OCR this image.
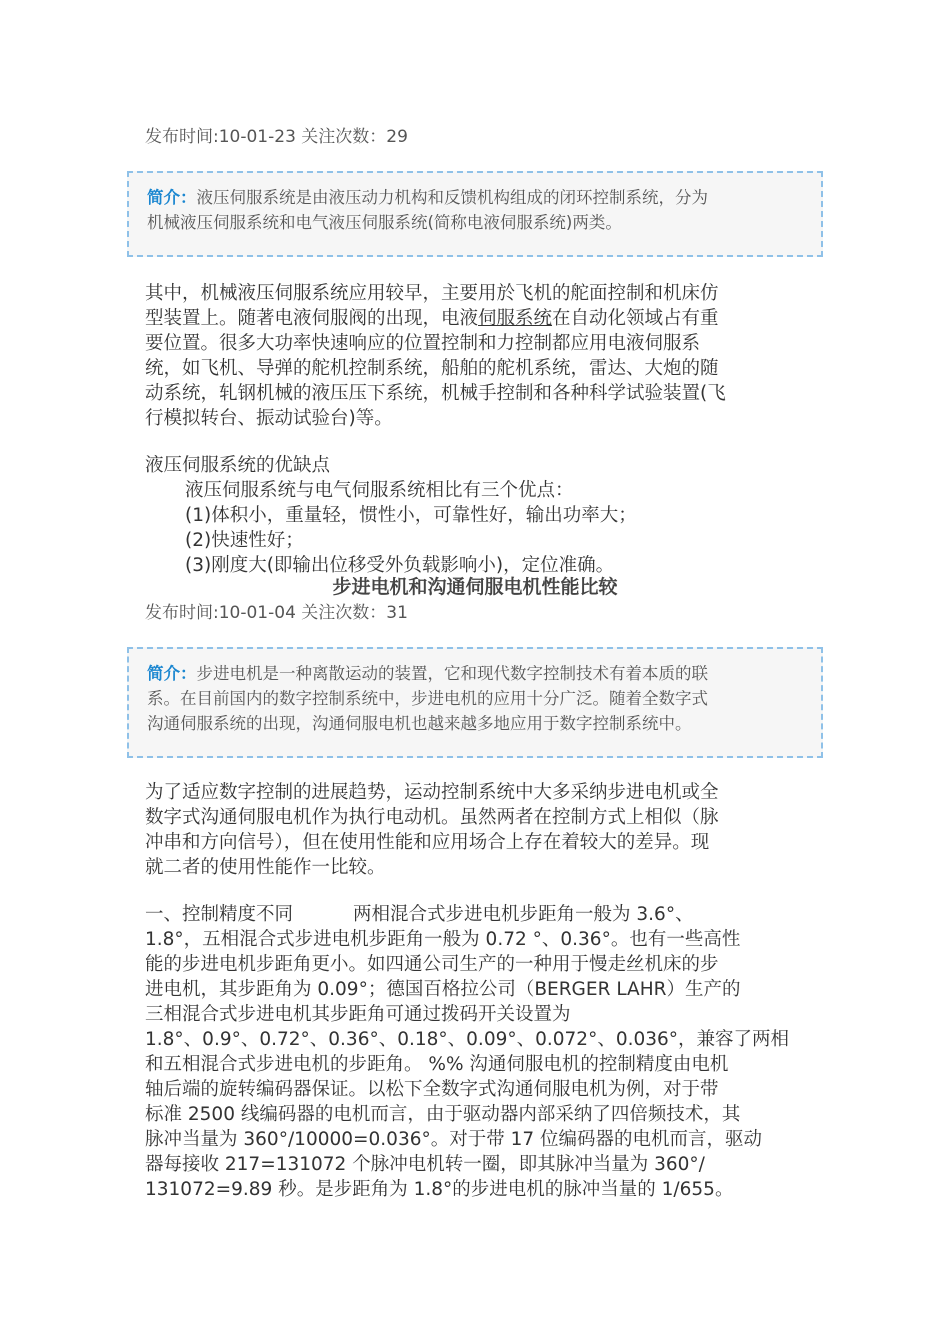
发布时间:10-01-23 关注次数：29
简介：液压伺服系统是由液压动力机构和反馈机构组成的闭环控制系统，分为
机械液压伺服系统和电气液压伺服系统(简称电液伺服系统)两类。
其中，机械液压伺服系统应用较早，主要用於飞机的舵面控制和机床仿
型装置上。随著电液伺服阀的出现，电液伺服系统在自动化领域占有重
要位置。很多大功率快速响应的位置控制和力控制都应用电液伺服系
统，如飞机、导弹的舵机控制系统，船舶的舵机系统，雷达、大炮的随
动系统，轧钢机械的液压压下系统，机械手控制和各种科学试验装置(飞
行模拟转台、振动试验台)等。
液压伺服系统的优缺点
液压伺服系统与电气伺服系统相比有三个优点：
(1)体积小，重量轻，惯性小，可靠性好，输出功率大；
(2)快速性好；
(3)刚度大(即输出位移受外负载影响小)，定位准确。
步进电机和沟通伺服电机性能比较
发布时间:10-01-04 关注次数：31
简介：步进电机是一种离散运动的装置，它和现代数字控制技术有着本质的联
系。在目前国内的数字控制系统中，步进电机的应用十分广泛。随着全数字式
沟通伺服系统的出现，沟通伺服电机也越来越多地应用于数字控制系统中。
为了适应数字控制的进展趋势，运动控制系统中大多采纳步进电机或全
数字式沟通伺服电机作为执行电动机。虽然两者在控制方式上相似（脉
冲串和方向信号），但在使用性能和应用场合上存在着较大的差异。现
就二者的使用性能作一比较。
一、控制精度不同	两相混合式步进电机步距角一般为 3.6°、
1.8°，五相混合式步进电机步距角一般为 0.72 °、0.36°。也有一些高性
能的步进电机步距角更小。如四通公司生产的一种用于慢走丝机床的步
进电机，其步距角为 0.09°；德国百格拉公司（BERGER LAHR）生产的
三相混合式步进电机其步距角可通过拨码开关设置为
1.8°、0.9°、0.72°、0.36°、0.18°、0.09°、0.072°、0.036°，兼容了两相
和五相混合式步进电机的步距角。 %% 沟通伺服电机的控制精度由电机
轴后端的旋转编码器保证。以松下全数字式沟通伺服电机为例，对于带
标准 2500 线编码器的电机而言，由于驱动器内部采纳了四倍频技术，其
脉冲当量为 360°/10000=0.036°。对于带 17 位编码器的电机而言，驱动
器每接收 217=131072 个脉冲电机转一圈，即其脉冲当量为 360°/
131072=9.89 秒。是步距角为 1.8°的步进电机的脉冲当量的 1/655。
